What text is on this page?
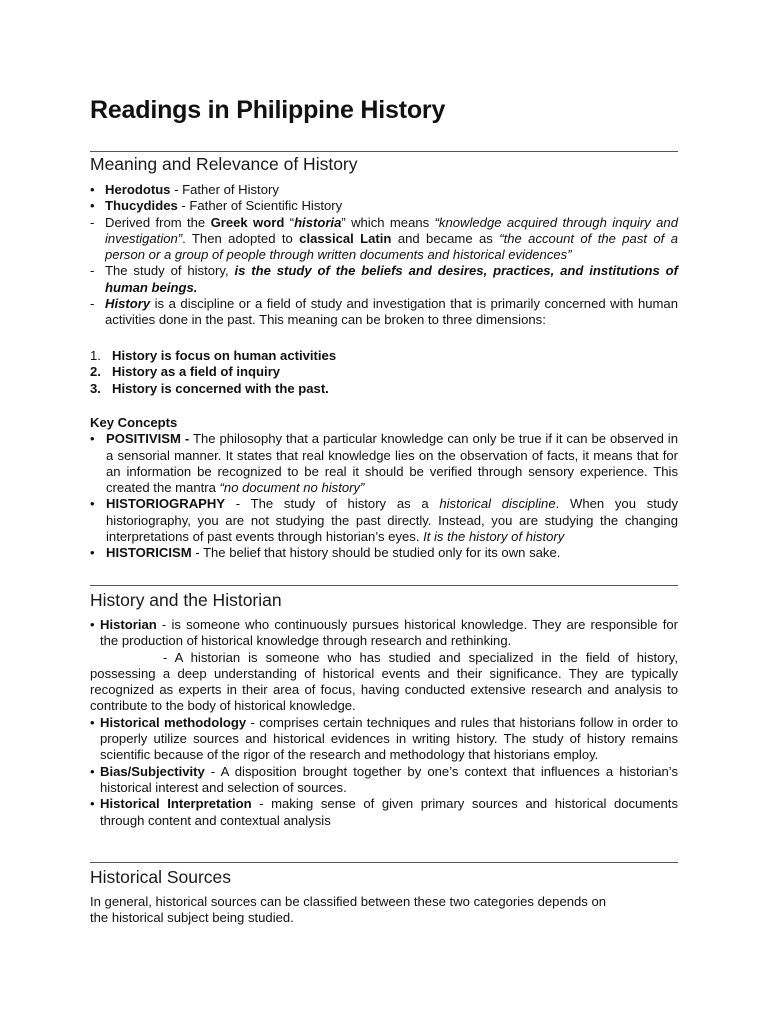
Readings in Philippine History
Meaning and Relevance of History
• Herodotus - Father of History
• Thucydides - Father of Scientific History
- Derived from the Greek word “historia” which means “knowledge acquired through inquiry and investigation”. Then adopted to classical Latin and became as “the account of the past of a person or a group of people through written documents and historical evidences”
- The study of history, is the study of the beliefs and desires, practices, and institutions of human beings.
- History is a discipline or a field of study and investigation that is primarily concerned with human activities done in the past. This meaning can be broken to three dimensions:
1. History is focus on human activities
2. History as a field of inquiry
3. History is concerned with the past.
Key Concepts
• POSITIVISM - The philosophy that a particular knowledge can only be true if it can be observed in a sensorial manner. It states that real knowledge lies on the observation of facts, it means that for an information be recognized to be real it should be verified through sensory experience. This created the mantra “no document no history”
• HISTORIOGRAPHY - The study of history as a historical discipline. When you study historiography, you are not studying the past directly. Instead, you are studying the changing interpretations of past events through historian’s eyes. It is the history of history
• HISTORICISM - The belief that history should be studied only for its own sake.
History and the Historian
• Historian - is someone who continuously pursues historical knowledge. They are responsible for the production of historical knowledge through research and rethinking.
- A historian is someone who has studied and specialized in the field of history, possessing a deep understanding of historical events and their significance. They are typically recognized as experts in their area of focus, having conducted extensive research and analysis to contribute to the body of historical knowledge.
• Historical methodology - comprises certain techniques and rules that historians follow in order to properly utilize sources and historical evidences in writing history. The study of history remains scientific because of the rigor of the research and methodology that historians employ.
• Bias/Subjectivity - A disposition brought together by one’s context that influences a historian’s historical interest and selection of sources.
• Historical Interpretation - making sense of given primary sources and historical documents through content and contextual analysis
Historical Sources
In general, historical sources can be classified between these two categories depends on
the historical subject being studied.
